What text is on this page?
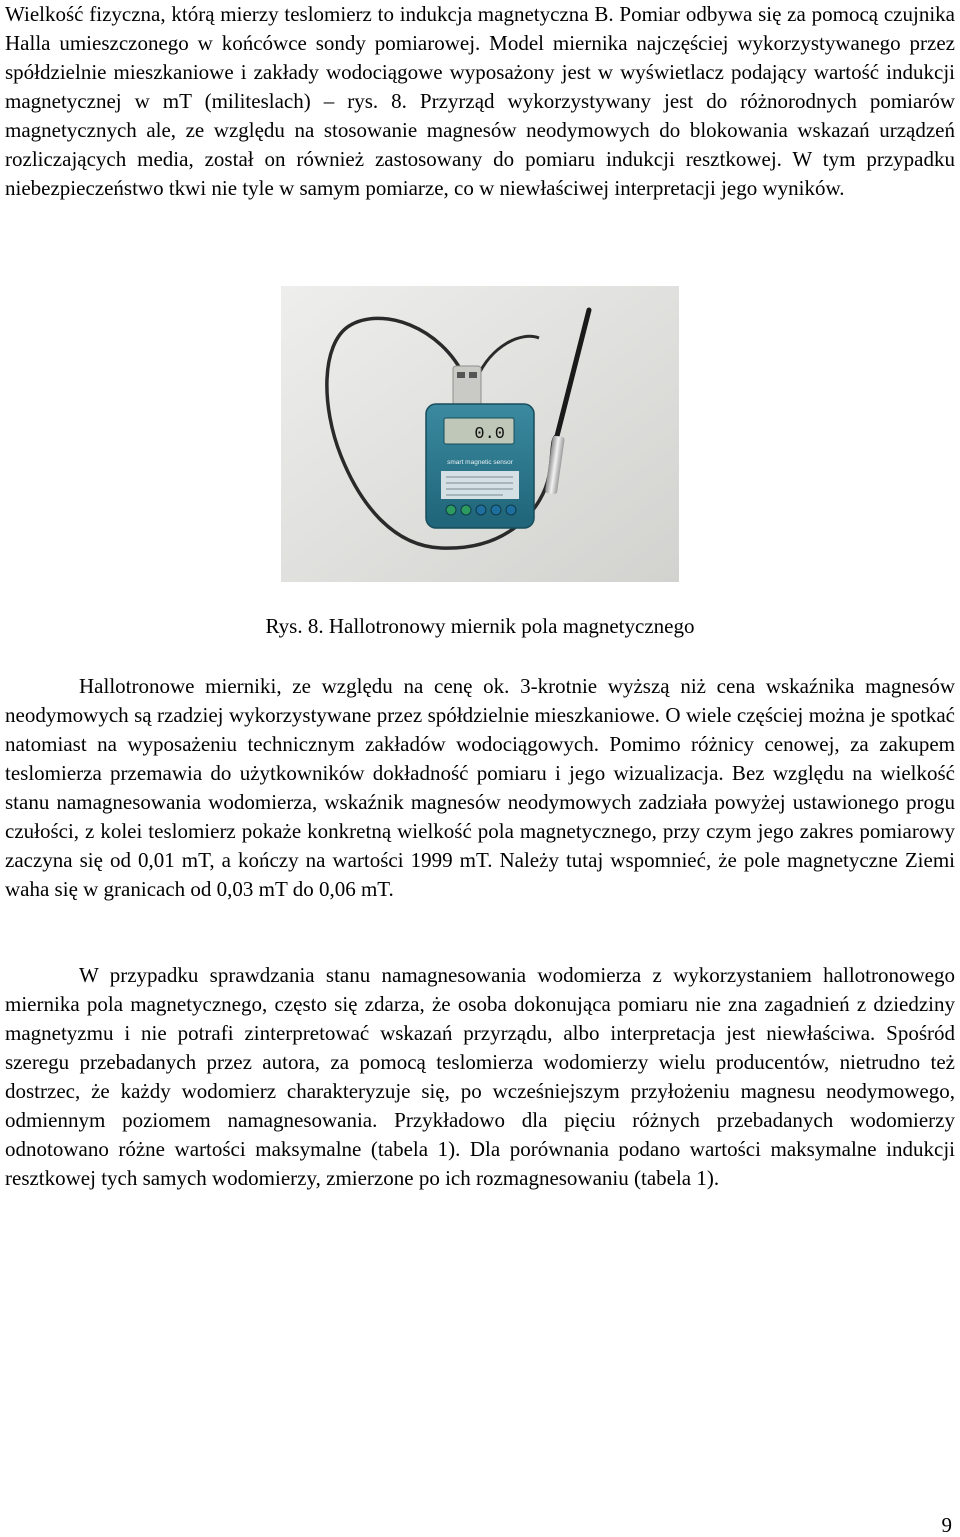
Wielkość fizyczna, którą mierzy teslomierz to indukcja magnetyczna B. Pomiar odbywa się za pomocą czujnika Halla umieszczonego w końcówce sondy pomiarowej. Model miernika najczęściej wykorzystywanego przez spółdzielnie mieszkaniowe i zakłady wodociągowe wyposażony jest w wyświetlacz podający wartość indukcji magnetycznej w mT (militeslach) – rys. 8. Przyrząd wykorzystywany jest do różnorodnych pomiarów magnetycznych ale, ze względu na stosowanie magnesów neodymowych do blokowania wskazań urządzeń rozliczających media, został on również zastosowany do pomiaru indukcji resztkowej. W tym przypadku niebezpieczeństwo tkwi nie tyle w samym pomiarze, co w niewłaściwej interpretacji jego wyników.

0.0
smart magnetic sensor
Rys. 8. Hallotronowy miernik pola magnetycznego

Hallotronowe mierniki, ze względu na cenę ok. 3-krotnie wyższą niż cena wskaźnika magnesów neodymowych są rzadziej wykorzystywane przez spółdzielnie mieszkaniowe. O wiele częściej można je spotkać natomiast na wyposażeniu technicznym zakładów wodociągowych. Pomimo różnicy cenowej, za zakupem teslomierza przemawia do użytkowników dokładność pomiaru i jego wizualizacja. Bez względu na wielkość stanu namagnesowania wodomierza, wskaźnik magnesów neodymowych zadziała powyżej ustawionego progu czułości, z kolei teslomierz pokaże konkretną wielkość pola magnetycznego, przy czym jego zakres pomiarowy zaczyna się od 0,01 mT, a kończy na wartości 1999 mT. Należy tutaj wspomnieć, że pole magnetyczne Ziemi waha się w granicach od 0,03 mT do 0,06 mT.

W przypadku sprawdzania stanu namagnesowania wodomierza z wykorzystaniem hallotronowego miernika pola magnetycznego, często się zdarza, że osoba dokonująca pomiaru nie zna zagadnień z dziedziny magnetyzmu i nie potrafi zinterpretować wskazań przyrządu, albo interpretacja jest niewłaściwa. Spośród szeregu przebadanych przez autora, za pomocą teslomierza wodomierzy wielu producentów, nietrudno też dostrzec, że każdy wodomierz charakteryzuje się, po wcześniejszym przyłożeniu magnesu neodymowego, odmiennym poziomem namagnesowania. Przykładowo dla pięciu różnych przebadanych wodomierzy odnotowano różne wartości maksymalne (tabela 1). Dla porównania podano wartości maksymalne indukcji resztkowej tych samych wodomierzy, zmierzone po ich rozmagnesowaniu (tabela 1).

9
